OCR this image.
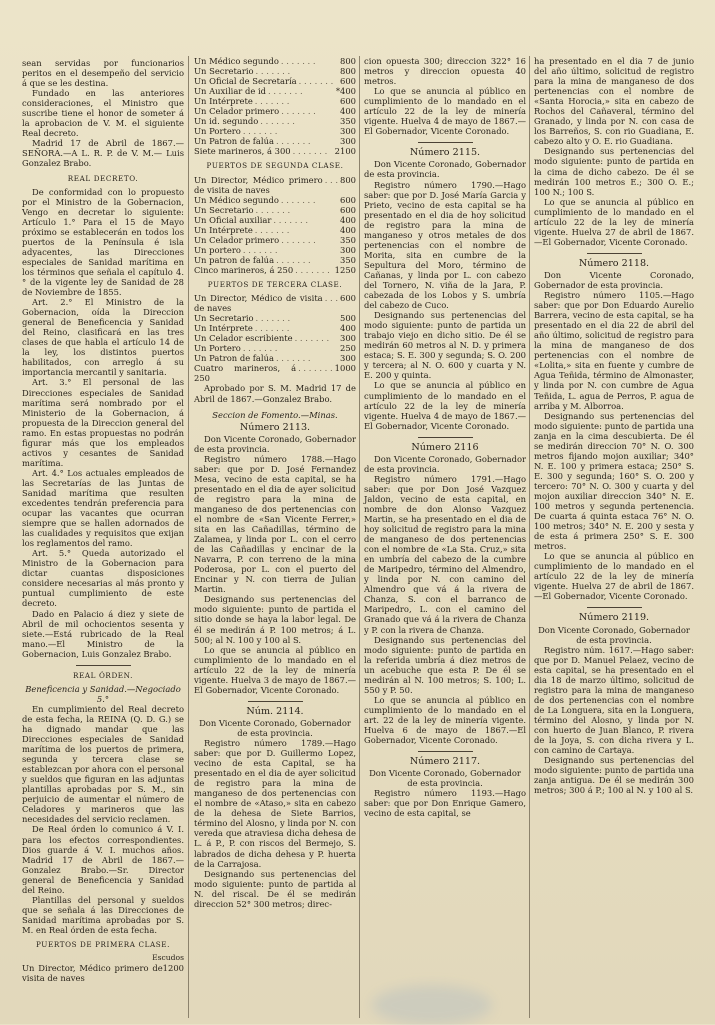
sean servidas por funcionarios peritos en el desempeño del servicio á que se les destina.

Fundado en las anteriores consideraciones, el Ministro que suscribe tiene el honor de someter á la aprobacion de V. M. el siguiente Real decreto.

Madrid 17 de Abril de 1867.— SEÑORA.—A L. R. P. de V. M.— Luis Gonzalez Brabo.

REAL DECRETO.

De conformidad con lo propuesto por el Ministro de la Gobernacion, Vengo en decretar lo siguiente: Artículo 1.° Para el 15 de Mayo próximo se establecerán en todos los puertos de la Península é isla adyacentes, las Direcciones especiales de Sanidad marítima en los términos que señala el capítulo 4.° de la vigente ley de Sanidad de 28 de Noviembre de 1855.

Art. 2.° El Ministro de la Gobernacion, oída la Direccion general de Beneficencia y Sanidad del Reino, clasificará en las tres clases de que habla el artículo 14 de la ley, los distintos puertos habilitados, con arreglo á su importancia mercantil y sanitaria.

Art. 3.° El personal de las Direcciones especiales de Sanidad marítima será nombrado por el Ministerio de la Gobernacion, á propuesta de la Direccion general del ramo. En estas propuestas no podrán figurar más que los empleados activos y cesantes de Sanidad marítima.

Art. 4.° Los actuales empleados de las Secretarías de las Juntas de Sanidad marítima que resulten excedentes tendrán preferencia para ocupar las vacantes que ocurran siempre que se hallen adornados de las cualidades y requisitos que exijan los reglamentos del ramo.

Art. 5.° Queda autorizado el Ministro de la Gobernacion para dictar cuantas disposiciones considere necesarias al más pronto y puntual cumplimiento de este decreto.

Dado en Palacio á diez y siete de Abril de mil ochocientos sesenta y siete.—Está rubricado de la Real mano.—El Ministro de la Gobernacion, Luis Gonzalez Brabo.

REAL ÓRDEN.
Beneficencia y Sanidad.—Negociado 5.°

En cumplimiento del Real decreto de esta fecha, la REINA (Q. D. G.) se ha dignado mandar que las Direcciones especiales de Sanidad marítima de los puertos de primera, segunda y tercera clase se establezcan por ahora con el personal y sueldos que figuran en las adjuntas plantillas aprobadas por S. M., sin perjuicio de aumentar el número de Celadores y marineros que las necesidades del servicio reclamen.

De Real órden lo comunico á V. I. para los efectos correspondientes. Dios guarde á V. I. muchos años. Madrid 17 de Abril de 1867.—Gonzalez Brabo.—Sr. Director general de Beneficencia y Sanidad del Reino.

Plantillas del personal y sueldos que se señala á las Direcciones de Sanidad marítima aprobadas por S. M. en Real órden de esta fecha.

PUERTOS DE PRIMERA CLASE.
Escudos
Un Director, Médico primero de visita de naves
1200
Un Médico segundo . . . . . . .	800
Un Secretario . . . . . . .	800
Un Oficial de Secretaría . . . . . . . 600
Un Auxiliar de id . . . . . . .	*400
Un Intérprete . . . . . . .	600
Un Celador primero . . . . . . .	400
Un id. segundo . . . . . . .	350
Un Portero . . . . . . .	300
Un Patron de falúa . . . . . . .	300
Siete marineros, á 300 . . . . . . . 2100
PUERTOS DE SEGUNDA CLASE.
Un Director, Médico primero de visita de naves
. . . 800
Un Médico segundo . . . . . . .	600
Un Secretario . . . . . . .	600
Un Oficial auxiliar . . . . . . .	400
Un Intérprete . . . . . . .	400
Un Celador primero . . . . . . .	350
Un portero . . . . . . .	300
Un patron de falúa . . . . . . .	350
Cinco marineros, á 250 . . . . . . . 1250
PUERTOS DE TERCERA CLASE.
Un Director, Médico de visita de naves
. . . 600
Un Secretario . . . . . . .	500
Un Intérprete . . . . . . .	400
Un Celador escribiente . . . . . . .	300
Un Portero . . . . . . .	250
Un Patron de falúa . . . . . . .	300
Cuatro marineros, á 250
. . . . . . . 1000

Aprobado por S. M. Madrid 17 de Abril de 1867.—Gonzalez Brabo.

Seccion de Fomento.—Minas.
Número 2113.

Don Vicente Coronado, Gobernador de esta provincia.

Registro número 1788.—Hago saber: que por D. José Fernandez Mesa, vecino de esta capital, se ha presentado en el dia de ayer solicitud de registro para la mina de manganeso de dos pertenencias con el nombre de «San Vicente Ferrer,» sita en las Cañadillas, término de Zalamea, y linda por L. con el cerro de las Cañadillas y encinar de la Navarra, P. con terreno de la mina Poderosa, por L. con el puerto del Encinar y N. con tierra de Julian Martin.

Designando sus pertenencias del modo siguiente: punto de partida el sitio donde se haya la labor legal. De él se medirán á P. 100 metros; á L. 500; al N. 100 y 100 al S.

Lo que se anuncia al público en cumplimiento de lo mandado en el artículo 22 de la ley de minería vigente. Huelva 3 de mayo de 1867.—El Gobernador, Vicente Coronado.

Núm. 2114.

Don Vicente Coronado, Gobernador de esta provincia.

Registro número 1789.—Hago saber: que por D. Guillermo Lopez, vecino de esta Capital, se ha presentado en el dia de ayer solicitud de registro para la mina de manganeso de dos pertenencias con el nombre de «Ataso,» sita en cabezo de la dehesa de Siete Barrios, término del Alosno, y linda por N. con vereda que atraviesa dicha dehesa de L. á P., P. con riscos del Bermejo, S. labrados de dicha dehesa y P. huerta de la Carrajosa.

Designando sus pertenencias del modo siguiente: punto de partida al N. del riscal. De él se medirán direccion 52° 300 metros; direc-

cion opuesta 300; direccion 322° 16 metros y direccion opuesta 40 metros.

Lo que se anuncia al público en cumplimiento de lo mandado en el artículo 22 de la ley de minería vigente. Huelva 4 de mayo de 1867.—El Gobernador, Vicente Coronado.

Número 2115.

Don Vicente Coronado, Gobernador de esta provincia.

Registro número 1790.—Hago saber: que por D. José María Garcia y Prieto, vecino de esta capital se ha presentado en el dia de hoy solicitud de registro para la mina de manganeso y otros metales de dos pertenencias con el nombre de Morita, sita en cumbre de la Sepultura del Moro, término de Cañanas, y linda por L. con cabezo del Tornero, N. viña de la Jara, P. cabezada de los Lobos y S. umbría del cabezo de Cuco.

Designando sus pertenencias del modo siguiente: punto de partida un trabajo viejo en dicho sitio. De él se medirán 60 metros al N. D. y primera estaca; S. E. 300 y segunda; S. O. 200 y tercera; al N. O. 600 y cuarta y N. E. 200 y quinta.

Lo que se anuncia al público en cumplimiento de lo mandado en el artículo 22 de la ley de minería vigente. Huelva 4 de mayo de 1867.—El Gobernador, Vicente Coronado.

Número 2116

Don Vicente Coronado, Gobernador de esta provincia.

Registro número 1791.—Hago saber: que por Don José Vazquez Jaldon, vecino de esta capital, en nombre de don Alonso Vazquez Martin, se ha presentado en el dia de hoy solicitud de registro para la mina de manganeso de dos pertenencias con el nombre de «La Sta. Cruz,» sita en umbría del cabezo de la cumbre de Maripedro, término del Almendro, y linda por N. con camino del Almendro que vá á la rivera de Chanza, S. con el barranco de Maripedro, L. con el camino del Granado que vá á la rivera de Chanza y P. con la rivera de Chanza.

Designando sus pertenencias del modo siguiente: punto de partida en la referida umbría á diez metros de un acebuche que esta P. De él se medirán al N. 100 metros; S. 100; L. 550 y P. 50.

Lo que se anuncia al público en cumplimiento de lo mandado en el art. 22 de la ley de minería vigente. Huelva 6 de mayo de 1867.—El Gobernador, Vicente Coronado.

Número 2117.

Don Vicente Coronado, Gobernador de esta provincia.

Registro número 1193.—Hago saber: que por Don Enrique Gamero, vecino de esta capital, se

ha presentado en el dia 7 de junio del año último, solicitud de registro para la mina de manganeso de dos pertenencias con el nombre de «Santa Horocia,» sita en cabezo de Rochos del Cañaveral, término del Granado, y linda por N. con casa de los Barreños, S. con rio Guadiana, E. cabezo alto y O. E. rio Guadiana.

Designando sus pertenencias del modo siguiente: punto de partida en la cima de dicho cabezo. De él se medirán 100 metros E.; 300 O. E.; 100 N.; 100 S.

Lo que se anuncia al público en cumplimiento de lo mandado en el artículo 22 de la ley de minería vigente. Huelva 27 de abril de 1867.—El Gobernador, Vicente Coronado.

Número 2118.

Don Vicente Coronado, Gobernador de esta provincia.

Registro número 1105.—Hago saber: que por Don Eduardo Aurelio Barrera, vecino de esta capital, se ha presentado en el dia 22 de abril del año último, solicitud de registro para la mina de manganeso de dos pertenencias con el nombre de «Lolita,» sita en fuente y cumbre de Agua Teñida, término de Almonaster, y linda por N. con cumbre de Agua Teñida, L. agua de Perros, P. agua de arriba y M. Alborroa.

Designando sus pertenencias del modo siguiente: punto de partida una zanja en la cima descubierta. De él se medirán direccion 70° N. O. 300 metros fijando mojon auxiliar; 340° N. E. 100 y primera estaca; 250° S. E. 300 y segunda; 160° S. O. 200 y tercero: 70° N. O. 300 y cuarta y del mojon auxiliar direccion 340° N. E. 100 metros y segunda pertenencia. De cuarta á quinta estaca 76° N. O. 100 metros; 340° N. E. 200 y sesta y de esta á primera 250° S. E. 300 metros.

Lo que se anuncia al público en cumplimiento de lo mandado en el artículo 22 de la ley de minería vigente. Huelva 27 de abril de 1867.—El Gobernador, Vicente Coronado.

Número 2119.

Don Vicente Coronado, Gobernador de esta provincia.

Registro núm. 1617.—Hago saber: que por D. Manuel Pelaez, vecino de esta capital, se ha presentado en el dia 18 de marzo último, solicitud de registro para la mina de manganeso de dos pertenencias con el nombre de La Longuera, sita en la Longuera, término del Alosno, y linda por N. con huerto de Juan Blanco, P. rivera de la Joya, S. con dicha rivera y L. con camino de Cartaya.

Designando sus pertenencias del modo siguiente: punto de partida una zanja antigua. De él se medirán 300 metros; 300 á P.; 100 al N. y 100 al S.
